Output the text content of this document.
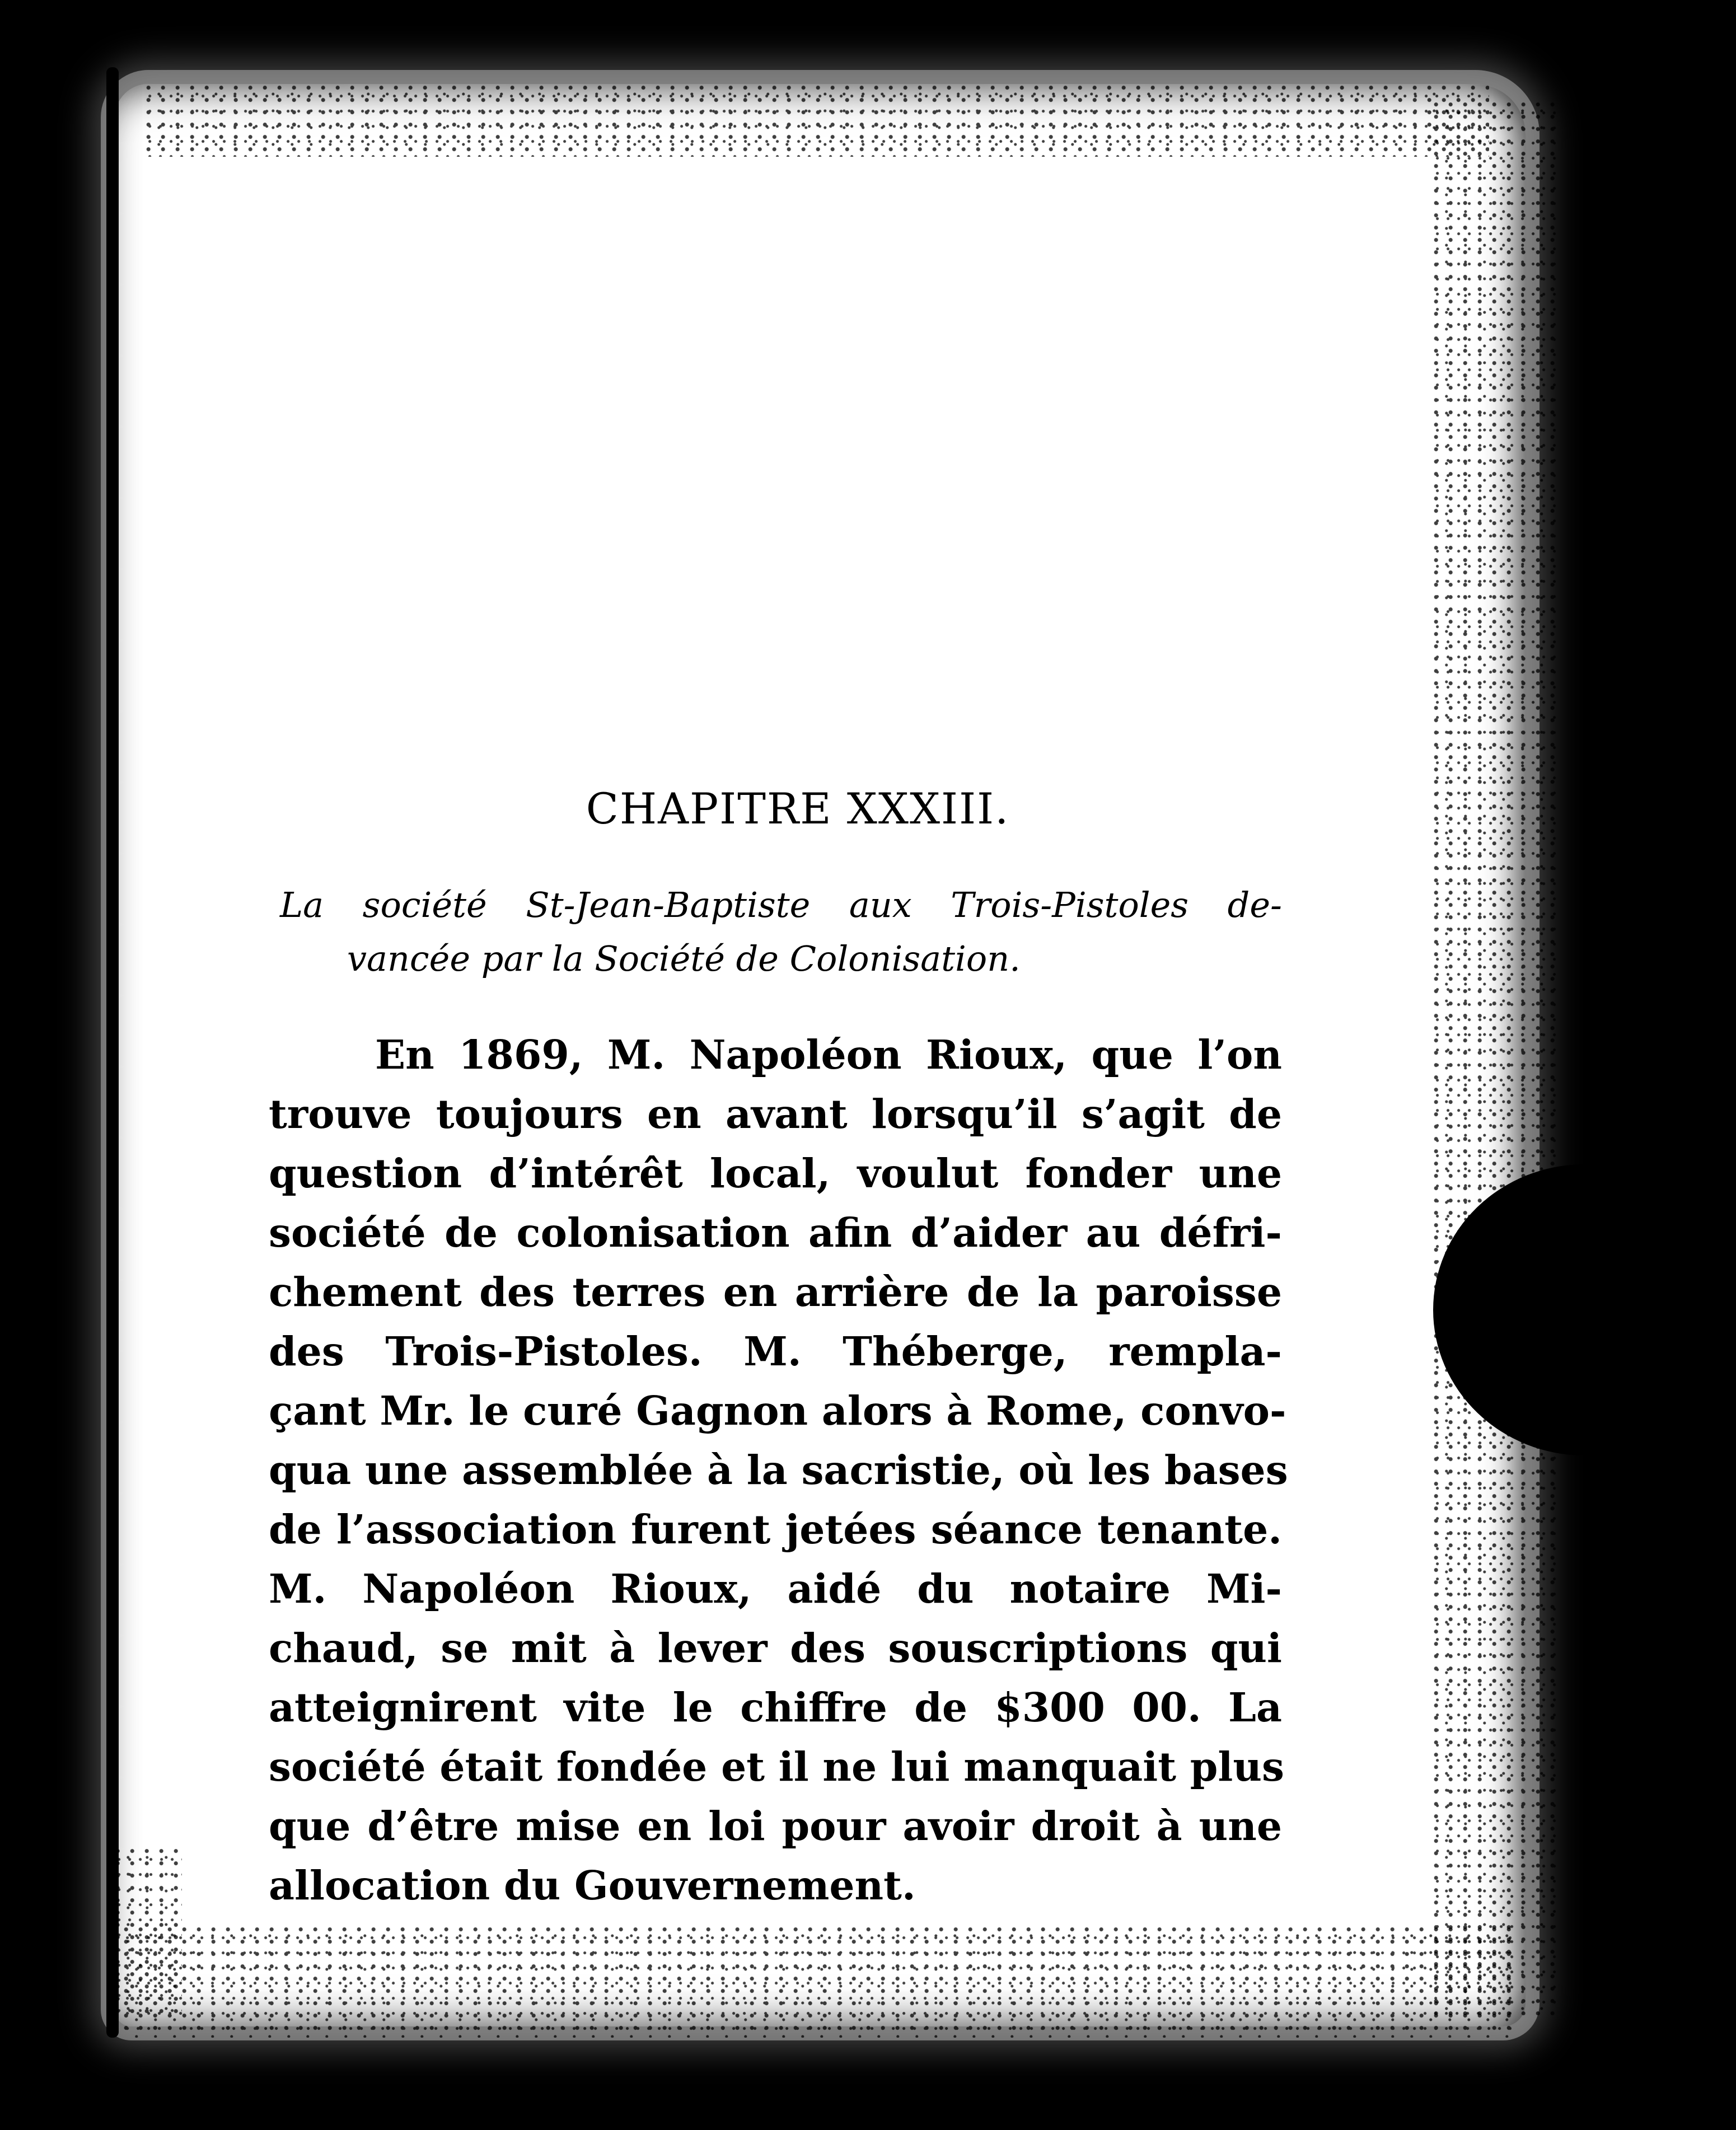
CHAPITRE XXXIII.

La société St-Jean-Baptiste aux Trois-Pistoles de-
vancée par la Société de Colonisation.

En 1869, M. Napoléon Rioux, que l’on
trouve toujours en avant lorsqu’il s’agit de
question d’intérêt local, voulut fonder une
société de colonisation afin d’aider au défri-
chement des terres en arrière de la paroisse
des Trois-Pistoles. M. Théberge, rempla-
çant Mr. le curé Gagnon alors à Rome, convo-
qua une assemblée à la sacristie, où les bases
de l’association furent jetées séance tenante.
M. Napoléon Rioux, aidé du notaire Mi-
chaud, se mit à lever des souscriptions qui
atteignirent vite le chiffre de $300 00. La
société était fondée et il ne lui manquait plus
que d’être mise en loi pour avoir droit à une
allocation du Gouvernement.
